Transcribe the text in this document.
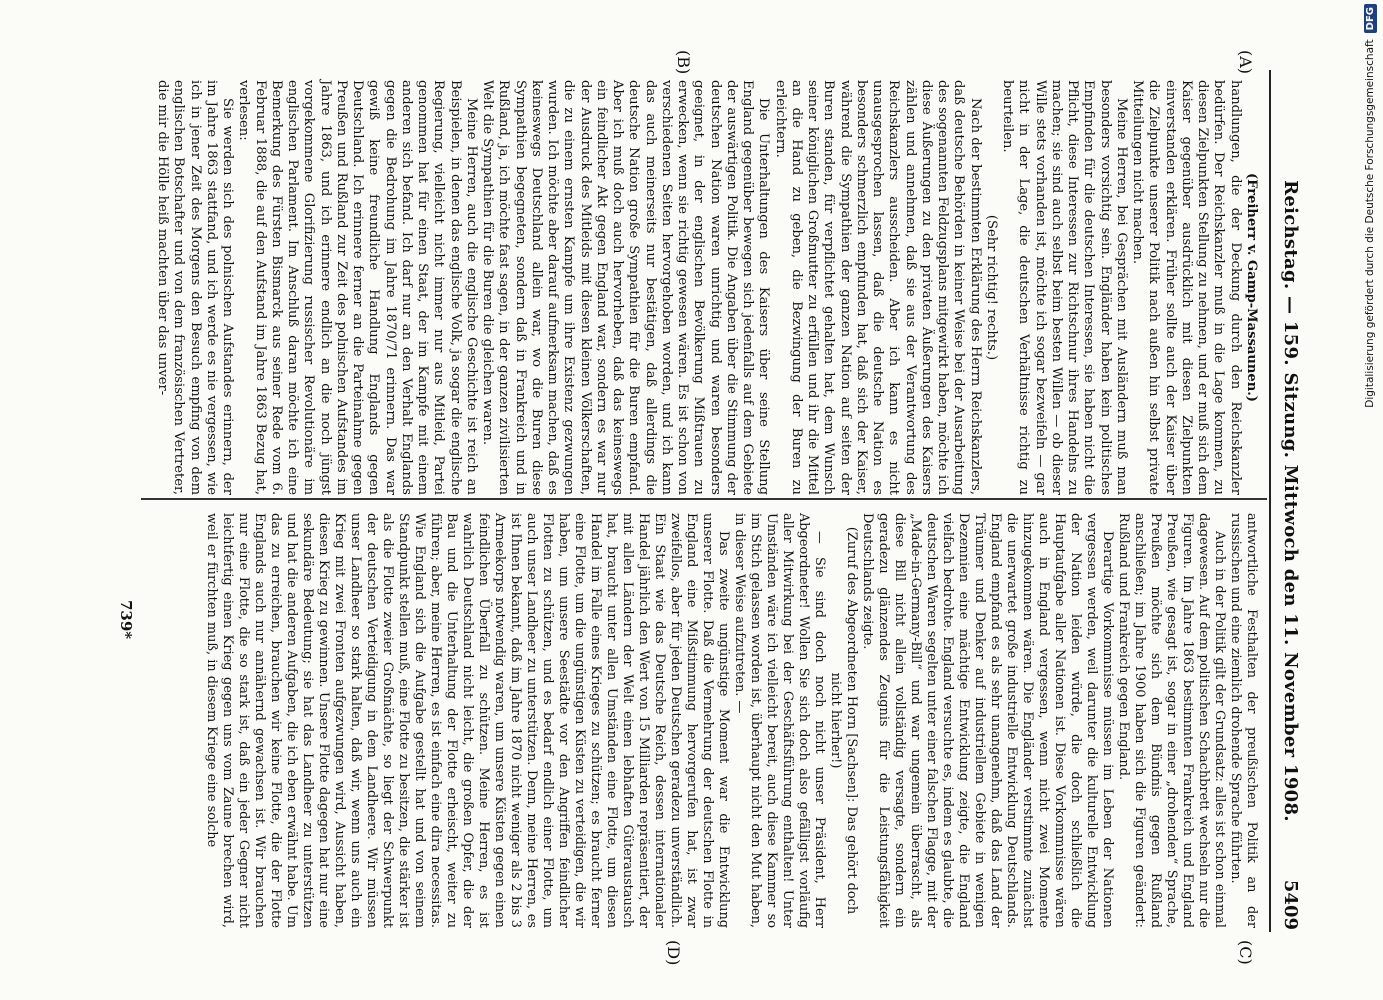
Reichstag. — 159. Sitzung. Mittwoch den 11. November 1908.
5409
(A)
(B)
(C)
(D)

(Freiherr v. Gamp-Massaunen.)

handlungen, die der Deckung durch den Reichskanzler bedürfen. Der Reichskanzler muß in die Lage kommen, zu diesen Zielpunkten Stellung zu nehmen, und er muß sich dem Kaiser gegenüber ausdrücklich mit diesen Zielpunkten einverstanden erklären. Früher sollte auch der Kaiser über die Zielpunkte unserer Politik nach außen hin selbst private Mitteilungen nicht machen.

Meine Herren, bei Gesprächen mit Ausländern muß man besonders vorsichtig sein. Engländer haben kein politisches Empfinden für die deutschen Interessen, sie haben nicht die Pflicht, diese Interessen zur Richtschnur ihres Handelns zu machen; sie sind auch selbst beim besten Willen — ob dieser Wille stets vorhanden ist, möchte ich sogar bezweifeln — gar nicht in der Lage, die deutschen Verhältnisse richtig zu beurteilen.

(Sehr richtig! rechts.)

Nach der bestimmten Erklärung des Herrn Reichskanzlers, daß deutsche Behörden in keiner Weise bei der Ausarbeitung des sogenannten Feldzugsplans mitgewirkt haben, möchte ich diese Äußerungen zu den privaten Äußerungen des Kaisers zählen und annehmen, daß sie aus der Verantwortung des Reichskanzlers ausscheiden. Aber ich kann es nicht unausgesprochen lassen, daß die deutsche Nation es besonders schmerzlich empfunden hat, daß sich der Kaiser, während die Sympathien der ganzen Nation auf seiten der Buren standen, für verpflichtet gehalten hat, dem Wunsch seiner königlichen Großmutter zu erfüllen und ihr die Mittel an die Hand zu geben, die Bezwingung der Buren zu erleichtern.

Die Unterhaltungen des Kaisers über seine Stellung England gegenüber bewegen sich jedenfalls auf dem Gebiete der auswärtigen Politik. Die Angaben über die Stimmung der deutschen Nation waren unrichtig und waren besonders geeignet, in der englischen Bevölkerung Mißtrauen zu erwecken, wenn sie richtig gewesen wären. Es ist schon von verschiedenen Seiten hervorgehoben worden, und ich kann das auch meinerseits nur bestätigen, daß allerdings die deutsche Nation große Sympathien für die Buren empfand. Aber ich muß doch auch hervorheben, daß das keineswegs ein feindlicher Akt gegen England war, sondern es war nur der Ausdruck des Mitleids mit diesen kleinen Völkerschaften, die zu einem ernsten Kampfe um ihre Existenz gezwungen wurden. Ich möchte aber darauf aufmerksam machen, daß es keineswegs Deutschland allein war, wo die Buren diese Sympathien begegneten, sondern daß in Frankreich und in Rußland, ja, ich möchte fast sagen, in der ganzen zivilisierten Welt die Sympathien für die Buren die gleichen waren.

Meine Herren, auch die englische Geschichte ist reich an Beispielen, in denen das englische Volk, ja sogar die englische Regierung, vielleicht nicht immer nur aus Mitleid, Partei genommen hat für einen Staat, der im Kampfe mit einem anderen sich befand. Ich darf nur an den Verhalt Englands gegen die Bedrohung im Jahre 1870/71 erinnern. Das war gewiß keine freundliche Handlung Englands gegen Deutschland. Ich erinnere ferner an die Parteinahme gegen Preußen und Rußland zur Zeit des polnischen Aufstandes im Jahre 1863, und ich erinnere endlich an die noch jüngst vorgekommene Glorifizierung russischer Revolutionäre im englischen Parlament. Im Anschluß daran möchte ich eine Bemerkung des Fürsten Bismarck aus seiner Rede vom 6. Februar 1888, die auf den Aufstand im Jahre 1863 Bezug hat, verlesen:

Sie werden sich des polnischen Aufstandes erinnern, der im Jahre 1863 stattfand, und ich werde es nie vergessen, wie ich in jener Zeit des Morgens den Besuch empfing von dem englischen Botschafter und von dem französischen Vertreter, die mir die Hölle heiß machten über das unver-

antwortliche Festhalten der preußischen Politik an der russischen und eine ziemlich drohende Sprache führten.

Auch in der Politik gilt der Grundsatz: alles ist schon einmal dagewesen. Auf dem politischen Schachbrett wechseln nur die Figuren. Im Jahre 1863 bestimmten Frankreich und England Preußen, wie gesagt ist, sogar in einer „drohenden“ Sprache, Preußen möchte sich dem Bündnis gegen Rußland anschließen; im Jahre 1900 haben sich die Figuren geändert: Rußland und Frankreich gegen England.

Derartige Vorkommnisse müssen im Leben der Nationen vergessen werden, weil darunter die kulturelle Entwicklung der Nation leiden würde, die doch schließlich die Hauptaufgabe aller Nationen ist. Diese Vorkommnisse wären auch in England vergessen, wenn nicht zwei Momente hinzugekommen wären. Die Engländer verstimmte zunächst die unerwartet große industrielle Entwicklung Deutschlands. England empfand es als sehr unangenehm, daß das Land der Träumer und Denker auf industriellem Gebiete in wenigen Dezennien eine mächtige Entwicklung zeigte, die England vielfach bedrohte. England versuchte es, indem es glaubte, die deutschen Waren segelten unter einer falschen Flagge, mit der „Made-in-Germany-Bill“ und war ungemein überrascht, als diese Bill nicht allein vollständig versagte, sondern ein geradezu glänzendes Zeugnis für die Leistungsfähigkeit Deutschlands zeigte.

(Zuruf des Abgeordneten Horn [Sachsen]: Das gehört doch nicht hierher!)

— Sie sind doch noch nicht unser Präsident, Herr Abgeordneter! Wollen Sie sich doch also gefälligst vorläufig aller Mitwirkung bei der Geschäftsführung enthalten! Unter Umständen wäre ich vielleicht bereit, auch diese Kammer so im Stich gelassen worden ist, überhaupt nicht den Mut haben, in dieser Weise aufzutreten. —

Das zweite ungünstige Moment war die Entwicklung unserer Flotte. Daß die Vermehrung der deutschen Flotte in England eine Mißstimmung hervorgerufen hat, ist zwar zweifellos, aber für jeden Deutschen geradezu unverständlich. Ein Staat wie das Deutsche Reich, dessen internationaler Handel jährlich den Wert von 15 Milliarden repräsentiert, der mit allen Ländern der Welt einen lebhaften Güteraustausch hat, braucht unter allen Umständen eine Flotte, um diesen Handel im Falle eines Krieges zu schützen; es braucht ferner eine Flotte, um die ungünstigen Küsten zu verteidigen, die wir haben, um unsere Seestädte vor den Angriffen feindlicher Flotten zu schützen, und es bedarf endlich einer Flotte, um auch unser Landheer zu unterstützen. Denn, meine Herren, es ist Ihnen bekannt, daß im Jahre 1870 nicht weniger als 2 bis 3 Armeekorps notwendig waren, um unsere Küsten gegen einen feindlichen Überfall zu schützen. Meine Herren, es ist wahrlich Deutschland nicht leicht, die großen Opfer, die der Bau und die Unterhaltung der Flotte erheischt, weiter zu führen; aber, meine Herren, es ist einfach eine dira necessitas. Wie England sich die Aufgabe gestellt hat und von seinem Standpunkt stellen muß, eine Flotte zu besitzen, die stärker ist als die Flotte zweier Großmächte, so liegt der Schwerpunkt der deutschen Verteidigung in dem Landheere. Wir müssen unser Landheer so stark halten, daß wir, wenn uns auch ein Krieg mit zwei Fronten aufgezwungen wird, Aussicht haben, diesen Krieg zu gewinnen. Unsere Flotte dagegen hat nur eine sekundäre Bedeutung; sie hat das Landheer zu unterstützen und hat die anderen Aufgaben, die ich eben erwähnt habe. Um das zu erreichen, brauchen wir keine Flotte, die der Flotte Englands auch nur annähernd gewachsen ist. Wir brauchen nur eine Flotte, die so stark ist, daß ein jeder Gegner nicht leichtfertig einen Krieg gegen uns vom Zaune brechen wird, weil er fürchten muß, in diesem Kriege eine solche

739*
Digitalisierung gefördert durch die Deutsche Forschungsgemeinschaft
DFG
